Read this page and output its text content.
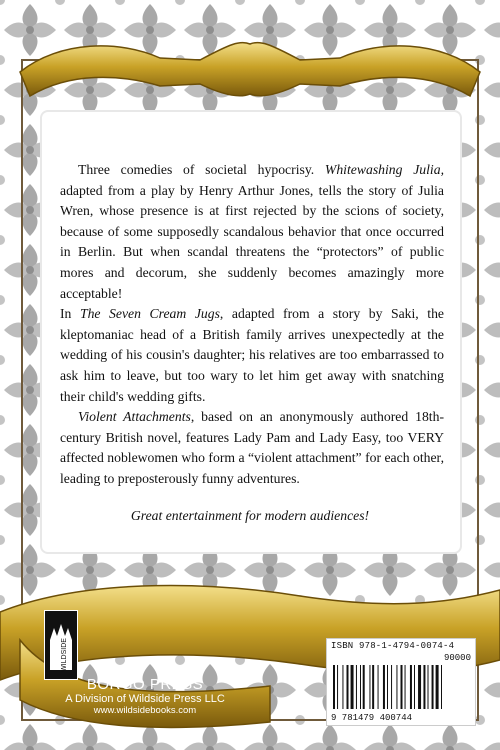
Three comedies of societal hypocrisy. Whitewashing Julia, adapted from a play by Henry Arthur Jones, tells the story of Julia Wren, whose presence is at first rejected by the scions of society, because of some supposedly scandalous behavior that once occurred in Berlin. But when scandal threatens the “protectors” of public mores and decorum, she suddenly becomes amazingly more acceptable!

In The Seven Cream Jugs, adapted from a story by Saki, the kleptomaniac head of a British family arrives unexpectedly at the wedding of his cousin's daughter; his relatives are too embarrassed to ask him to leave, but too wary to let him get away with snatching their child's wedding gifts.

Violent Attachments, based on an anonymously authored 18th-century British novel, features Lady Pam and Lady Easy, too VERY affected noblewomen who form a “violent attachment” for each other, leading to preposterously funny adventures.

Great entertainment for modern audiences!
WILDSIDE
BORGO PRESS
A Division of Wildside Press LLC
www.wildsidebooks.com
ISBN 978-1-4794-0074-4
90000
9 781479 400744
